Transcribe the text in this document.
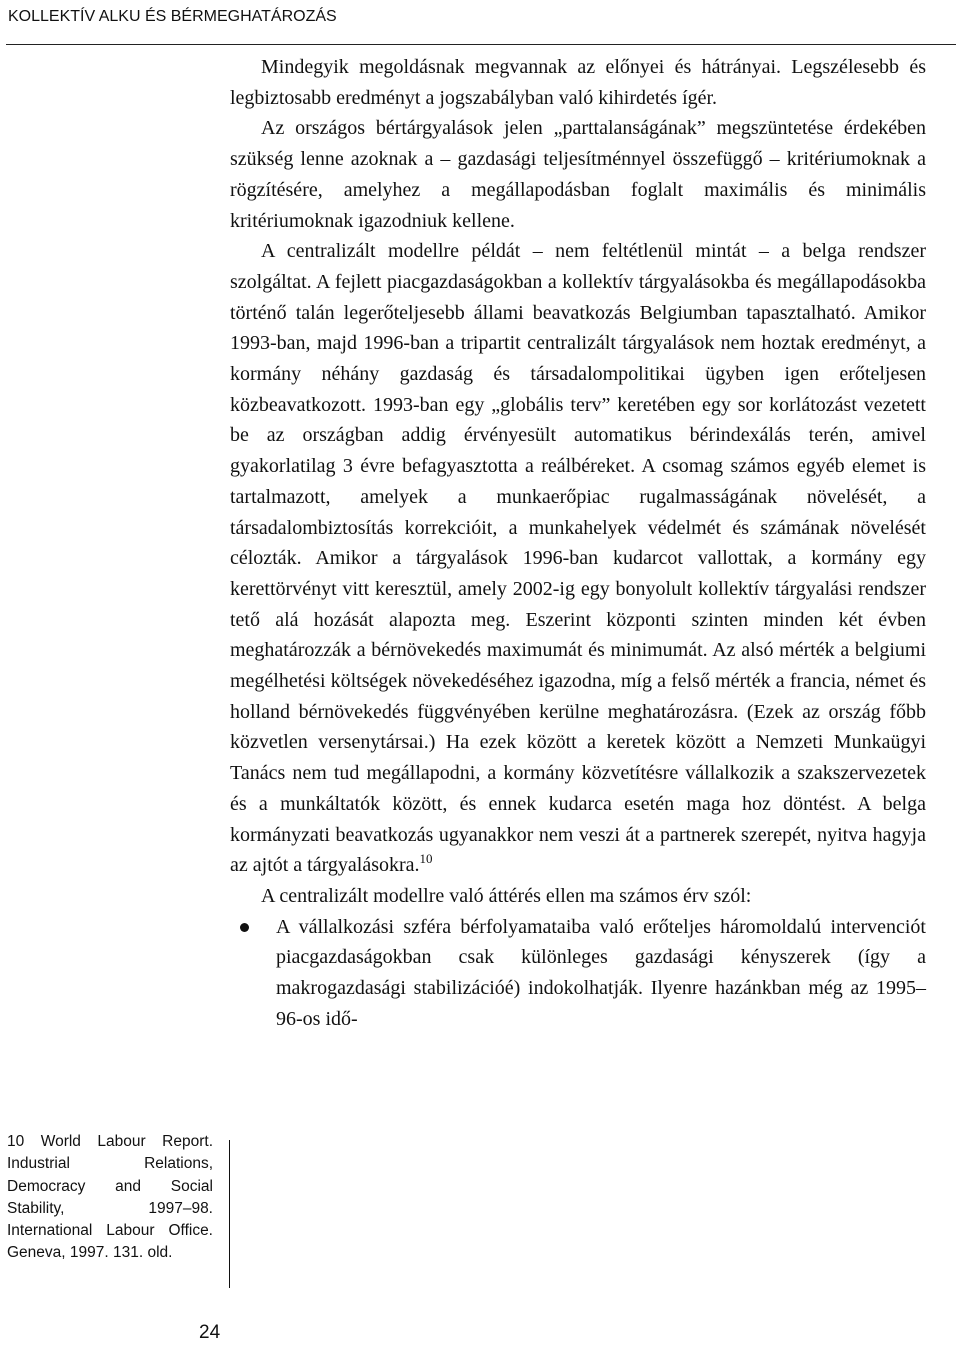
KOLLEKTÍV ALKU ÉS BÉRMEGHATÁROZÁS

Mindegyik megoldásnak megvannak az előnyei és hátrányai. Legszélesebb és legbiztosabb eredményt a jogszabályban való kihirdetés ígér.

Az országos bértárgyalások jelen „parttalanságának” megszüntetése érdekében szükség lenne azoknak a – gazdasági teljesítménnyel összefüggő – kritériumoknak a rögzítésére, amelyhez a megállapodásban foglalt maximális és minimális kritériumoknak igazodniuk kellene.

A centralizált modellre példát – nem feltétlenül mintát – a belga rendszer szolgáltat. A fejlett piacgazdaságokban a kollektív tárgyalásokba és megállapodásokba történő talán legerőteljesebb állami beavatkozás Belgiumban tapasztalható. Amikor 1993-ban, majd 1996-ban a tripartit centralizált tárgyalások nem hoztak eredményt, a kormány néhány gazdaság és társadalompolitikai ügyben igen erőteljesen közbeavatkozott. 1993-ban egy „globális terv” keretében egy sor korlátozást vezetett be az országban addig érvényesült automatikus bérindexálás terén, amivel gyakorlatilag 3 évre befagyasztotta a reálbéreket. A csomag számos egyéb elemet is tartalmazott, amelyek a munkaerőpiac rugalmasságának növelését, a társadalombiztosítás korrekcióit, a munkahelyek védelmét és számának növelését célozták. Amikor a tárgyalások 1996-ban kudarcot vallottak, a kormány egy kerettörvényt vitt keresztül, amely 2002-ig egy bonyolult kollektív tárgyalási rendszer tető alá hozását alapozta meg. Eszerint központi szinten minden két évben meghatározzák a bérnövekedés maximumát és minimumát. Az alsó mérték a belgiumi megélhetési költségek növekedéséhez igazodna, míg a felső mérték a francia, német és holland bérnövekedés függvényében kerülne meghatározásra. (Ezek az ország főbb közvetlen versenytársai.) Ha ezek között a keretek között a Nemzeti Munkaügyi Tanács nem tud megállapodni, a kormány közvetítésre vállalkozik a szakszervezetek és a munkáltatók között, és ennek kudarca esetén maga hoz döntést. A belga kormányzati beavatkozás ugyanakkor nem veszi át a partnerek szerepét, nyitva hagyja az ajtót a tárgyalásokra.$^{10}$

A centralizált modellre való áttérés ellen ma számos érv szól:

A vállalkozási szféra bérfolyamataiba való erőteljes háromoldalú intervenciót piacgazdaságokban csak különleges gazdasági kényszerek (így a makrogazdasági stabilizációé) indokolhatják. Ilyenre hazánkban még az 1995–96-os idő-
10 World Labour Report. Industrial Relations, Democracy and Social Stability, 1997–98. International Labour Office. Geneva, 1997. 131. old.
24
